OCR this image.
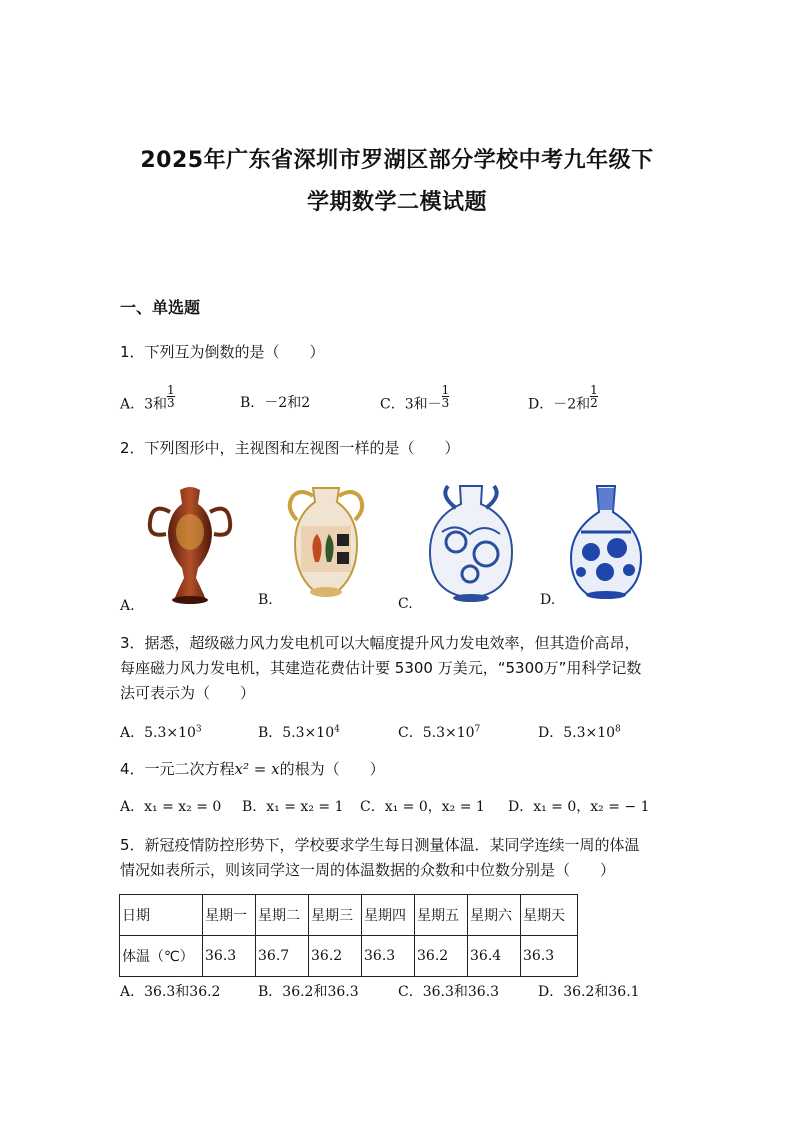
2025年广东省深圳市罗湖区部分学校中考九年级下
学期数学二模试题
一、单选题
1．下列互为倒数的是（　　）
A．3和 $\frac{1}{3}$	B．－2和2	C．3和－ $\frac{1}{3}$	D．－2和 $\frac{1}{2}$
2．下列图形中，主视图和左视图一样的是（　　）
A.	B.	C.	D.
3．据悉，超级磁力风力发电机可以大幅度提升风力发电效率，但其造价高昂，
每座磁力风力发电机，其建造花费估计要 5300 万美元，“5300万”用科学记数
法可表示为（　　）
A．$5.3\times 10^3$	B．$5.3\times 10^4$	C．$5.3\times 10^7$	D．$5.3\times 10^8$
4．一元二次方程x² = x的根为（　　）
A．x₁ = x₂ = 0 B．x₁ = x₂ = 1 C．x₁ = 0，x₂ = 1 D．x₁ = 0，x₂ = − 1
5．新冠疫情防控形势下，学校要求学生每日测量体温．某同学连续一周的体温
情况如表所示，则该同学这一周的体温数据的众数和中位数分别是（　　）
日期	星期一	星期二	星期三	星期四	星期五	星期六	星期天
体温（℃）	36.3	36.7	36.2	36.3	36.2	36.4	36.3
A．36.3和36.2	B．36.2和36.3	C．36.3和36.3	D．36.2和36.1
